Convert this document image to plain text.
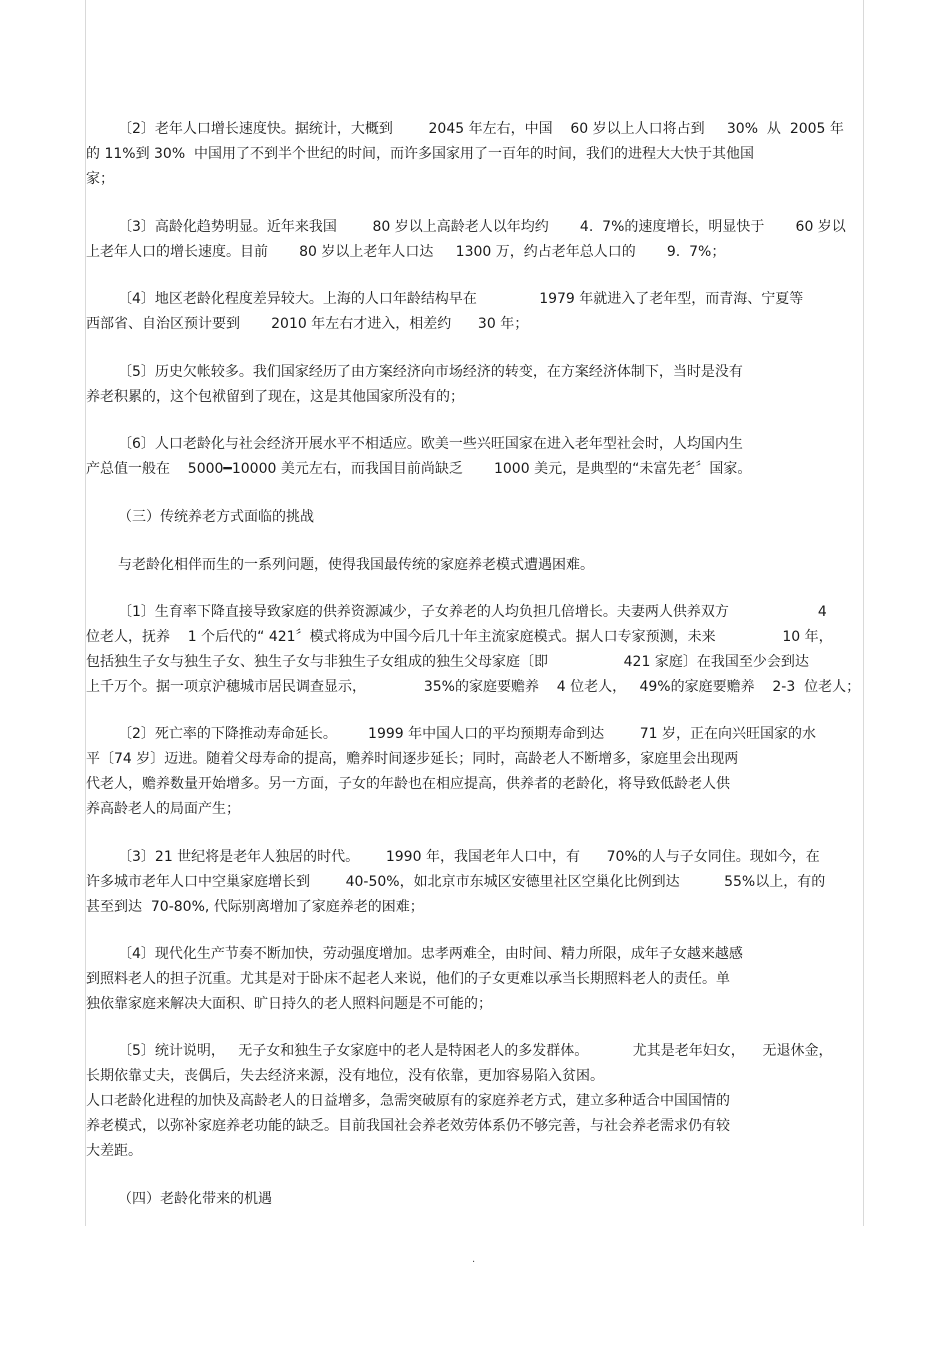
〔2〕老年人口增长速度快。据统计，大概到        2045 年左右，中国    60 岁以上人口将占到     30%  从  2005 年
的 11%到 30%  中国用了不到半个世纪的时间，而许多国家用了一百年的时间，我们的进程大大快于其他国
家；
〔3〕高龄化趋势明显。近年来我国        80 岁以上高龄老人以年均约       4.  7%的速度增长，明显快于       60 岁以
上老年人口的增长速度。目前       80 岁以上老年人口达     1300 万，约占老年总人口的       9.  7%；
〔4〕地区老龄化程度差异较大。上海的人口年龄结构早在              1979 年就进入了老年型，而青海、宁夏等
西部省、自治区预计要到       2010 年左右才进入，相差约      30 年；
〔5〕历史欠帐较多。我们国家经历了由方案经济向市场经济的转变，在方案经济体制下，当时是没有
养老积累的，这个包袱留到了现在，这是其他国家所没有的；
〔6〕人口老龄化与社会经济开展水平不相适应。欧美一些兴旺国家在进入老年型社会时，人均国内生
产总值一般在    5000━10000 美元左右，而我国目前尚缺乏       1000 美元，是典型的“未富先老〞国家。
（三）传统养老方式面临的挑战
与老龄化相伴而生的一系列问题，使得我国最传统的家庭养老模式遭遇困难。
〔1〕生育率下降直接导致家庭的供养资源减少，子女养老的人均负担几倍增长。夫妻两人供养双方                    4
位老人，抚养    1 个后代的“ 421〞模式将成为中国今后几十年主流家庭模式。据人口专家预测，未来               10 年，
包括独生子女与独生子女、独生子女与非独生子女组成的独生父母家庭〔即                 421 家庭〕在我国至少会到达
上千万个。据一项京沪穗城市居民调查显示，             35%的家庭要赡养    4 位老人，   49%的家庭要赡养    2-3  位老人；
〔2〕死亡率的下降推动寿命延长。       1999 年中国人口的平均预期寿命到达        71 岁，正在向兴旺国家的水
平〔74 岁〕迈进。随着父母寿命的提高，赡养时间逐步延长；同时，高龄老人不断增多，家庭里会出现两
代老人，赡养数量开始增多。另一方面，子女的年龄也在相应提高，供养者的老龄化，将导致低龄老人供
养高龄老人的局面产生；
〔3〕21 世纪将是老年人独居的时代。      1990 年，我国老年人口中，有      70%的人与子女同住。现如今，在
许多城市老年人口中空巢家庭增长到        40-50%，如北京市东城区安德里社区空巢化比例到达          55%以上，有的
甚至到达  70-80%, 代际别离增加了家庭养老的困难；
〔4〕现代化生产节奏不断加快，劳动强度增加。忠孝两难全，由时间、精力所限，成年子女越来越感
到照料老人的担子沉重。尤其是对于卧床不起老人来说，他们的子女更难以承当长期照料老人的责任。单
独依靠家庭来解决大面积、旷日持久的老人照料问题是不可能的；
〔5〕统计说明，   无子女和独生子女家庭中的老人是特困老人的多发群体。          尤其是老年妇女，    无退休金，
长期依靠丈夫，丧偶后，失去经济来源，没有地位，没有依靠，更加容易陷入贫困。
人口老龄化进程的加快及高龄老人的日益增多，急需突破原有的家庭养老方式，建立多种适合中国国情的
养老模式，以弥补家庭养老功能的缺乏。目前我国社会养老效劳体系仍不够完善，与社会养老需求仍有较
大差距。
（四）老龄化带来的机遇
.
